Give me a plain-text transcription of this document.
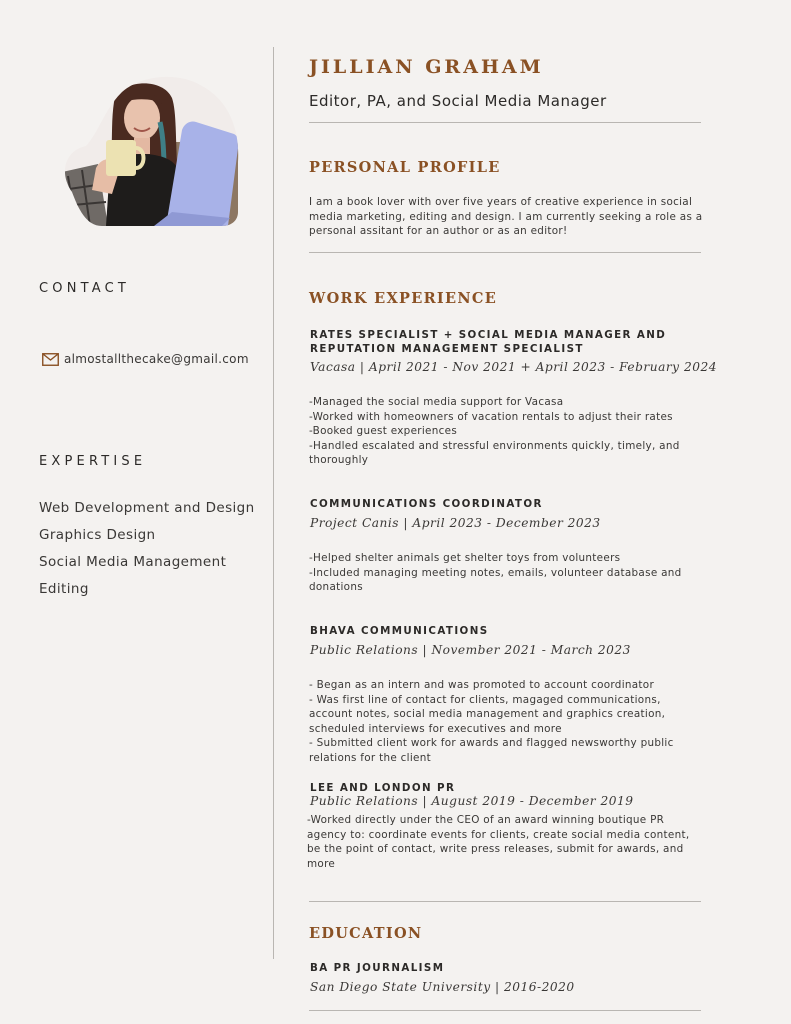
CONTACT
almostallthecake@gmail.com
EXPERTISE
Web Development and Design
Graphics Design
Social Media Management
Editing
JILLIAN GRAHAM

Editor, PA, and Social Media Manager

PERSONAL PROFILE

I am a book lover with over five years of creative experience in social media marketing, editing and design. I am currently seeking a role as a personal assitant for an author or as an editor!

WORK EXPERIENCE
RATES SPECIALIST + SOCIAL MEDIA MANAGER AND REPUTATION MANAGEMENT SPECIALIST
Vacasa | April 2021 - Nov 2021 + April 2023 - February 2024
-Managed the social media support for Vacasa
-Worked with homeowners of vacation rentals to adjust their rates
-Booked guest experiences
-Handled escalated and stressful environments quickly, timely, and thoroughly
COMMUNICATIONS COORDINATOR
Project Canis | April 2023 - December 2023
-Helped shelter animals get shelter toys from volunteers
-Included managing meeting notes, emails, volunteer database and donations
BHAVA COMMUNICATIONS
Public Relations | November 2021 - March 2023
- Began as an intern and was promoted to account coordinator
- Was first line of contact for clients, magaged communications, account notes, social media management and graphics creation, scheduled interviews for executives and more
- Submitted client work for awards and flagged newsworthy public relations for the client
LEE AND LONDON PR
Public Relations | August 2019 - December 2019
-Worked directly under the CEO of an award winning boutique PR agency to: coordinate events for clients, create social media content, be the point of contact, write press releases, submit for awards, and more
EDUCATION
BA PR JOURNALISM
San Diego State University | 2016-2020
